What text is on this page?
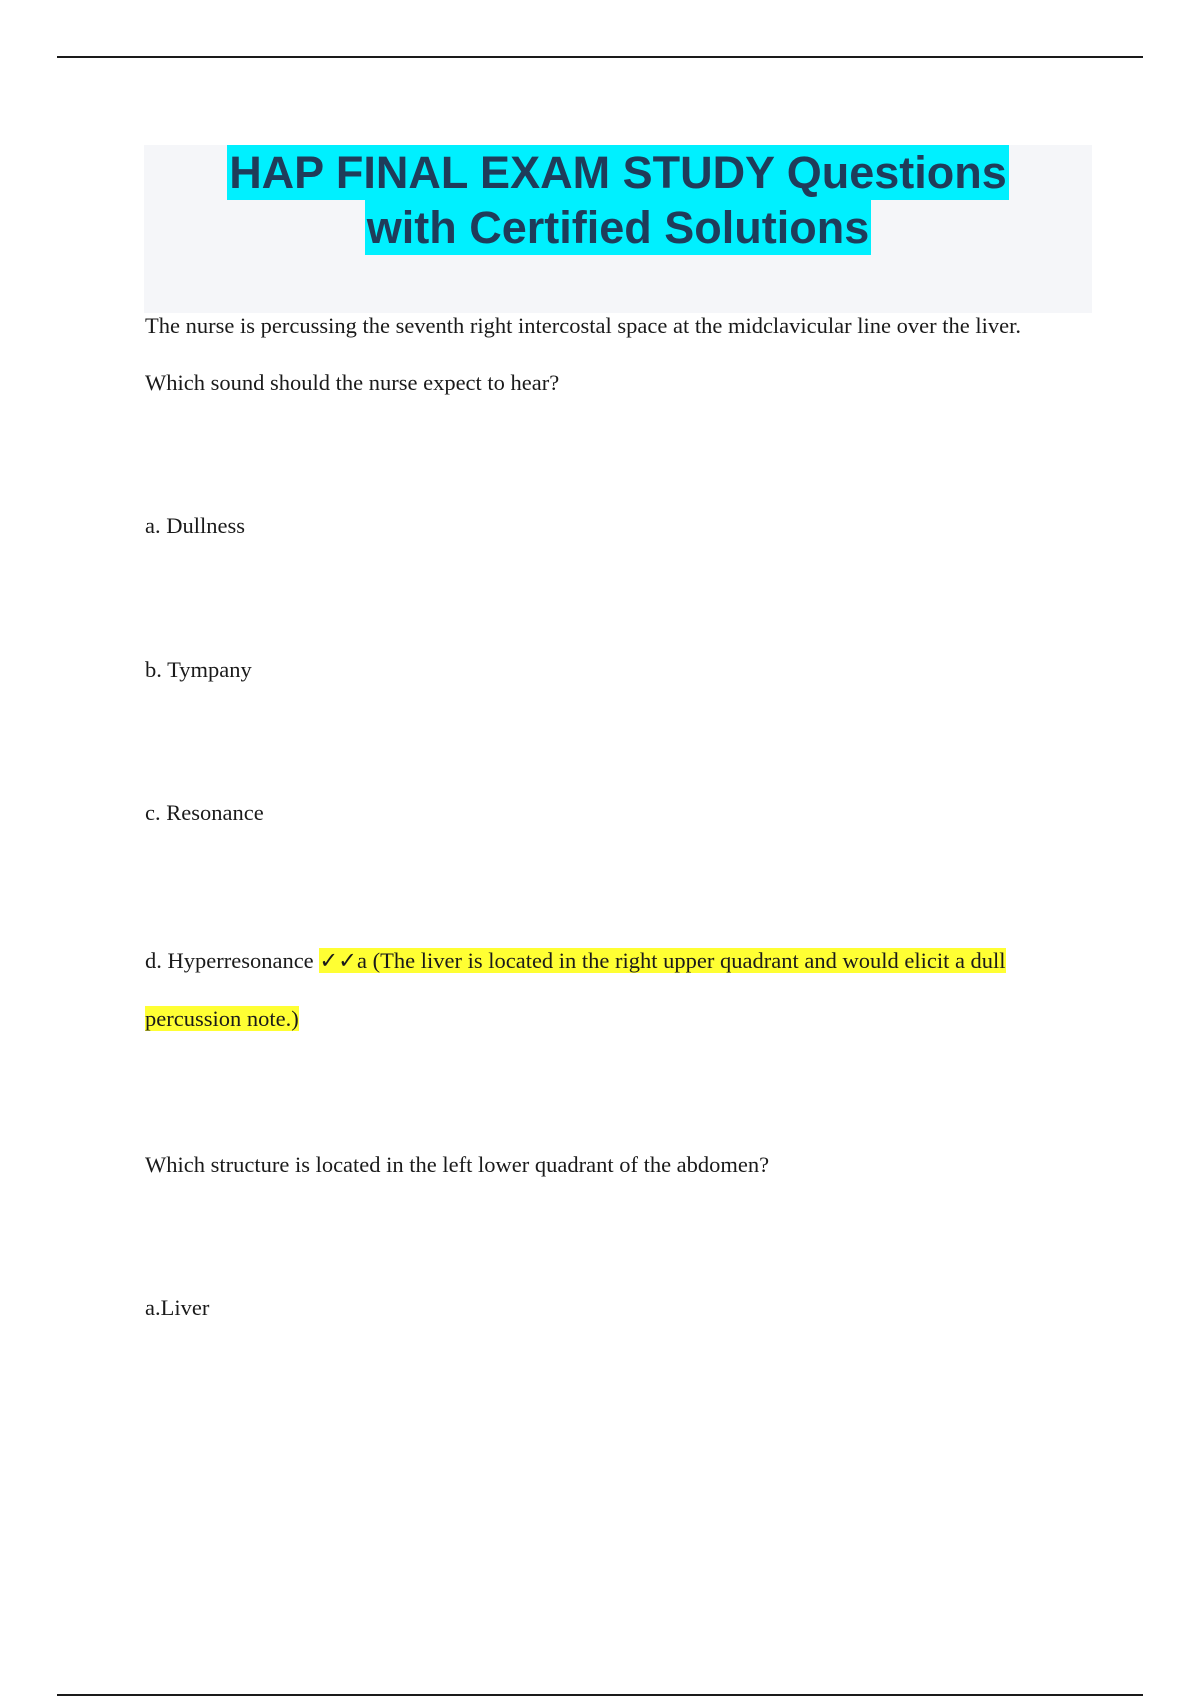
HAP FINAL EXAM STUDY Questions
with Certified Solutions
The nurse is percussing the seventh right intercostal space at the midclavicular line over the liver.
Which sound should the nurse expect to hear?
a. Dullness
b. Tympany
c. Resonance
d. Hyperresonance ✓✓a (The liver is located in the right upper quadrant and would elicit a dull
percussion note.)
Which structure is located in the left lower quadrant of the abdomen?
a.Liver
